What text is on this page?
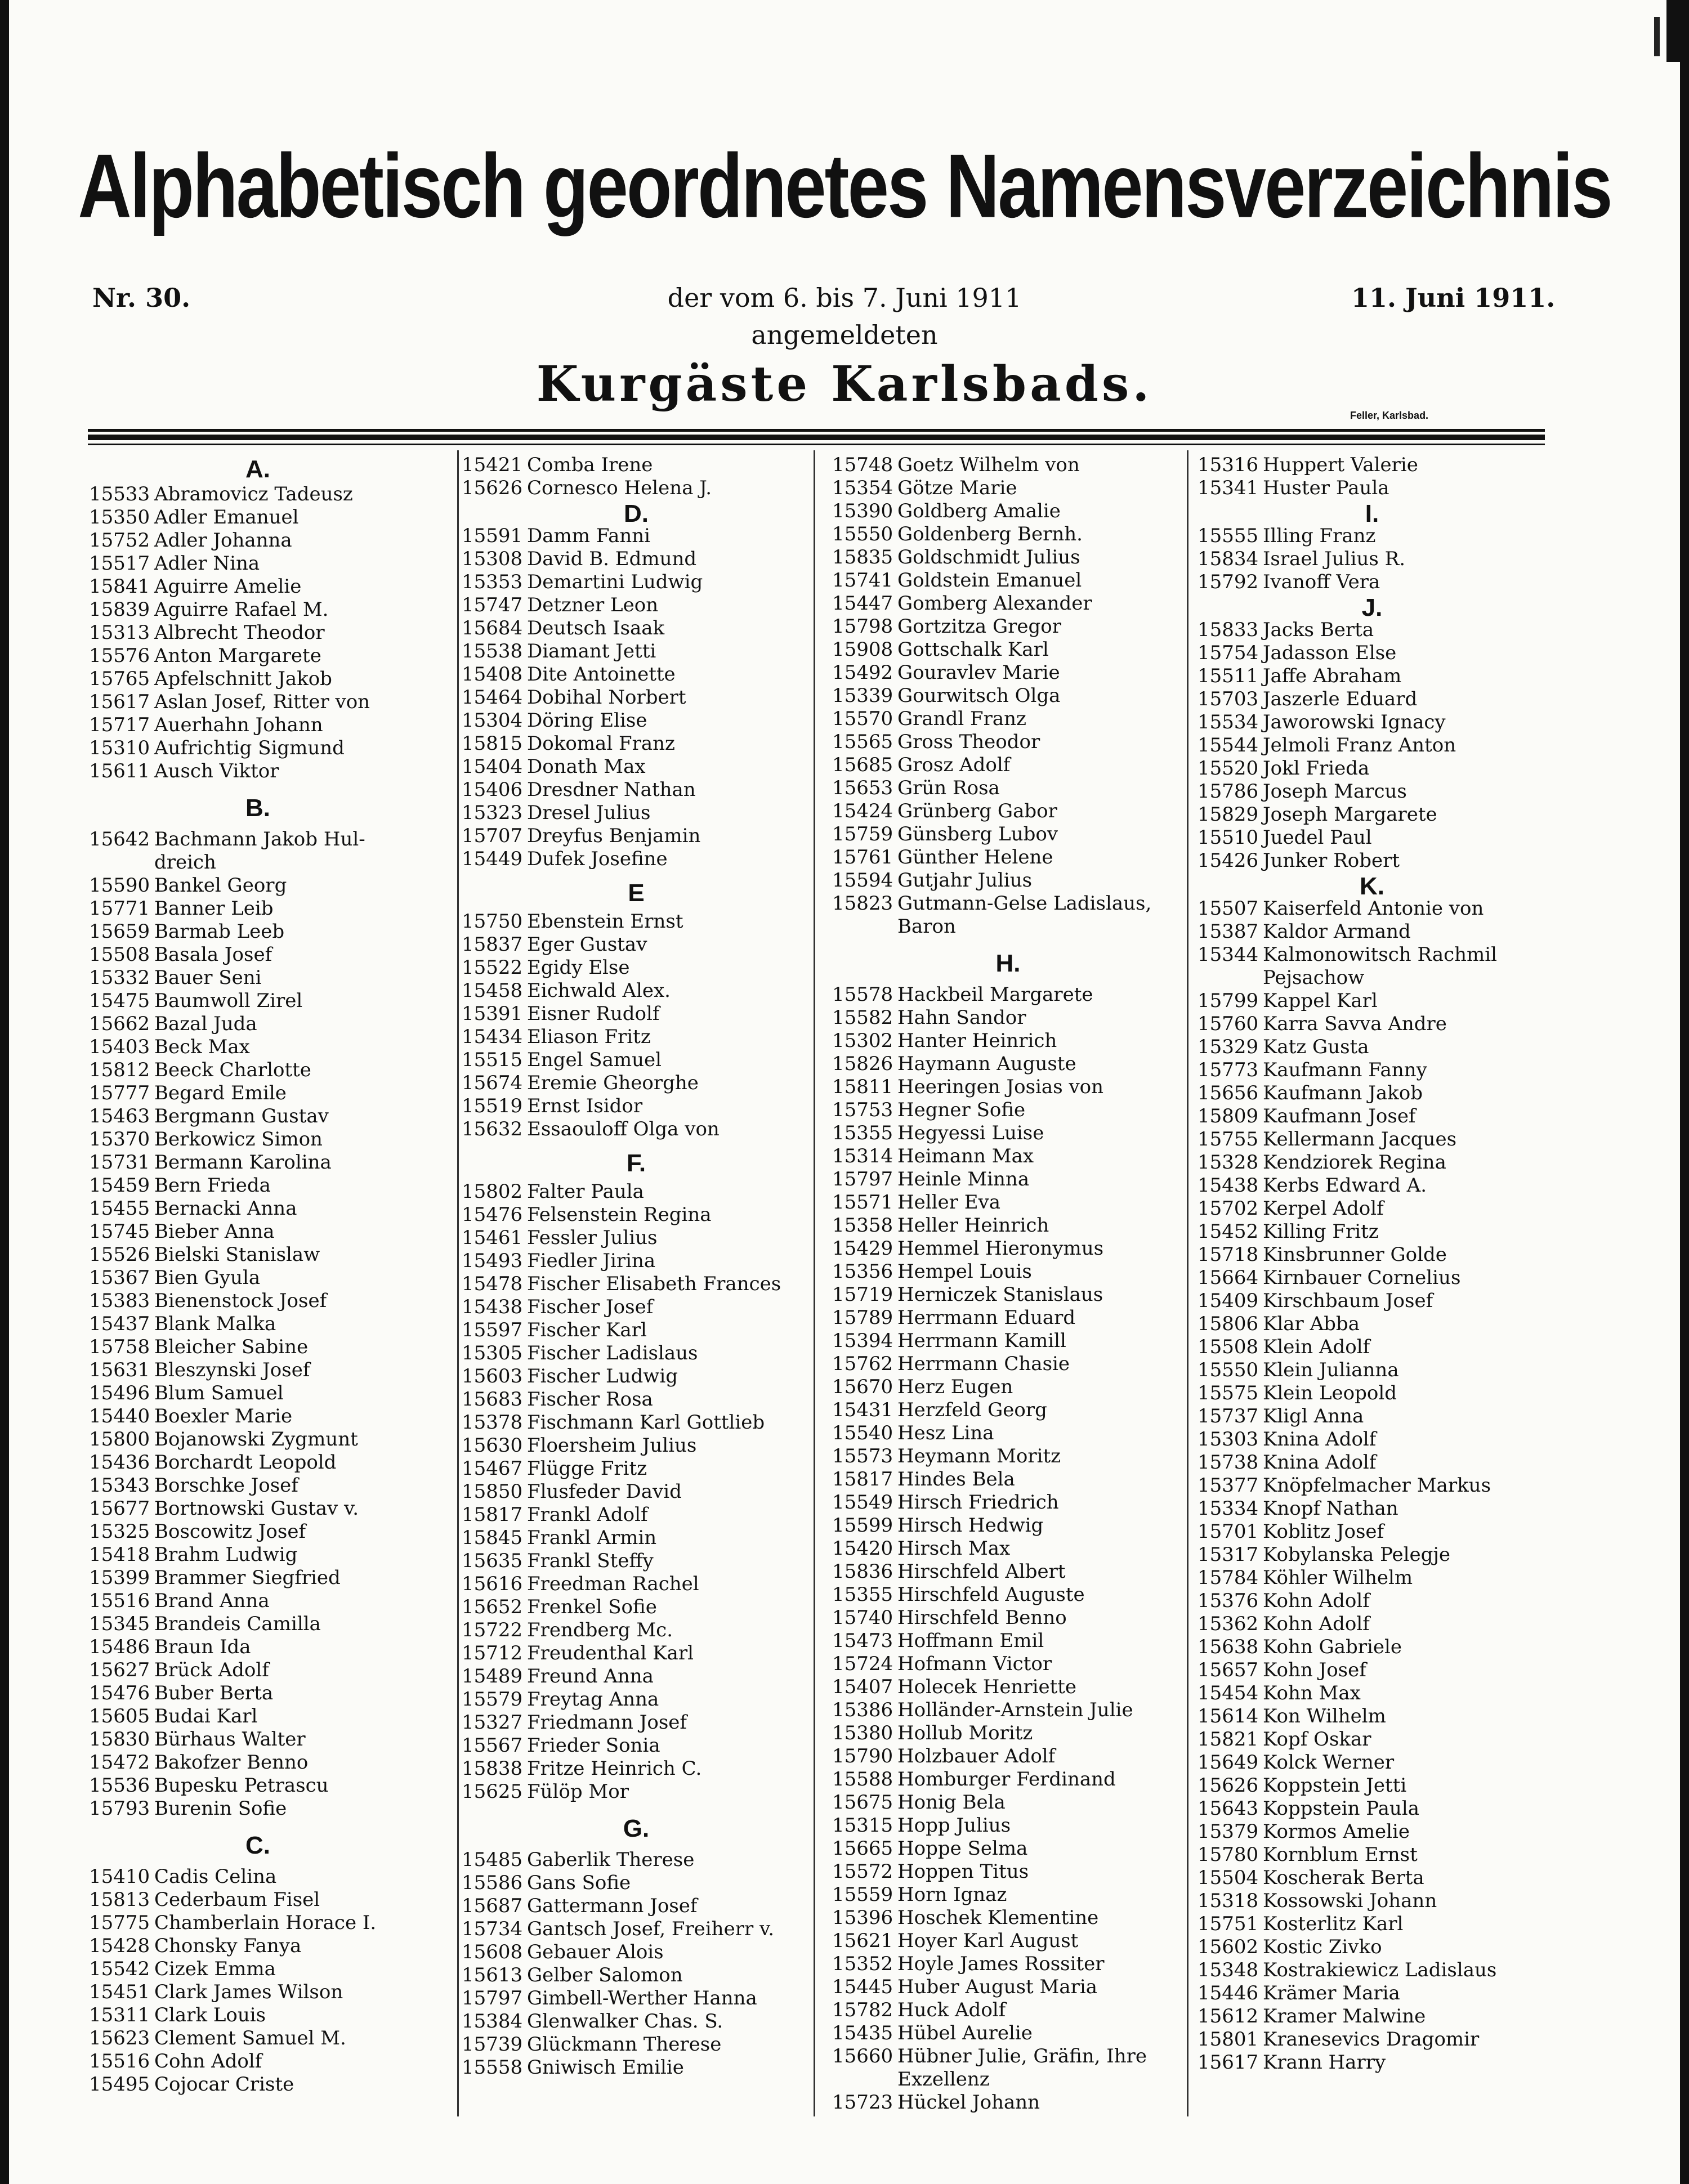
Alphabetisch geordnetes Namensverzeichnis
Nr. 30.	der vom 6. bis 7. Juni 1911
angemeldeten
11. Juni 1911.
Kurgäste Karlsbads.
Feller, Karlsbad.
A.
15533 Abramovicz Tadeusz
15350 Adler Emanuel
15752 Adler Johanna
15517 Adler Nina
15841 Aguirre Amelie
15839 Aguirre Rafael M.
15313 Albrecht Theodor
15576 Anton Margarete
15765 Apfelschnitt Jakob
15617 Aslan Josef, Ritter von
15717 Auerhahn Johann
15310 Aufrichtig Sigmund
15611 Ausch Viktor
B.
15642 Bachmann Jakob Hul-
dreich
15590 Bankel Georg
15771 Banner Leib
15659 Barmab Leeb
15508 Basala Josef
15332 Bauer Seni
15475 Baumwoll Zirel
15662 Bazal Juda
15403 Beck Max
15812 Beeck Charlotte
15777 Begard Emile
15463 Bergmann Gustav
15370 Berkowicz Simon
15731 Bermann Karolina
15459 Bern Frieda
15455 Bernacki Anna
15745 Bieber Anna
15526 Bielski Stanislaw
15367 Bien Gyula
15383 Bienenstock Josef
15437 Blank Malka
15758 Bleicher Sabine
15631 Bleszynski Josef
15496 Blum Samuel
15440 Boexler Marie
15800 Bojanowski Zygmunt
15436 Borchardt Leopold
15343 Borschke Josef
15677 Bortnowski Gustav v.
15325 Boscowitz Josef
15418 Brahm Ludwig
15399 Brammer Siegfried
15516 Brand Anna
15345 Brandeis Camilla
15486 Braun Ida
15627 Brück Adolf
15476 Buber Berta
15605 Budai Karl
15830 Bürhaus Walter
15472 Bakofzer Benno
15536 Bupesku Petrascu
15793 Burenin Sofie
C.
15410 Cadis Celina
15813 Cederbaum Fisel
15775 Chamberlain Horace I.
15428 Chonsky Fanya
15542 Cizek Emma
15451 Clark James Wilson
15311 Clark Louis
15623 Clement Samuel M.
15516 Cohn Adolf
15495 Cojocar Criste
15421 Comba Irene
15626 Cornesco Helena J.
D.
15591 Damm Fanni
15308 David B. Edmund
15353 Demartini Ludwig
15747 Detzner Leon
15684 Deutsch Isaak
15538 Diamant Jetti
15408 Dite Antoinette
15464 Dobihal Norbert
15304 Döring Elise
15815 Dokomal Franz
15404 Donath Max
15406 Dresdner Nathan
15323 Dresel Julius
15707 Dreyfus Benjamin
15449 Dufek Josefine
E
15750 Ebenstein Ernst
15837 Eger Gustav
15522 Egidy Else
15458 Eichwald Alex.
15391 Eisner Rudolf
15434 Eliason Fritz
15515 Engel Samuel
15674 Eremie Gheorghe
15519 Ernst Isidor
15632 Essaouloff Olga von
F.
15802 Falter Paula
15476 Felsenstein Regina
15461 Fessler Julius
15493 Fiedler Jirina
15478 Fischer Elisabeth Frances
15438 Fischer Josef
15597 Fischer Karl
15305 Fischer Ladislaus
15603 Fischer Ludwig
15683 Fischer Rosa
15378 Fischmann Karl Gottlieb
15630 Floersheim Julius
15467 Flügge Fritz
15850 Flusfeder David
15817 Frankl Adolf
15845 Frankl Armin
15635 Frankl Steffy
15616 Freedman Rachel
15652 Frenkel Sofie
15722 Frendberg Mc.
15712 Freudenthal Karl
15489 Freund Anna
15579 Freytag Anna
15327 Friedmann Josef
15567 Frieder Sonia
15838 Fritze Heinrich C.
15625 Fülöp Mor
G.
15485 Gaberlik Therese
15586 Gans Sofie
15687 Gattermann Josef
15734 Gantsch Josef, Freiherr v.
15608 Gebauer Alois
15613 Gelber Salomon
15797 Gimbell-Werther Hanna
15384 Glenwalker Chas. S.
15739 Glückmann Therese
15558 Gniwisch Emilie
15748 Goetz Wilhelm von
15354 Götze Marie
15390 Goldberg Amalie
15550 Goldenberg Bernh.
15835 Goldschmidt Julius
15741 Goldstein Emanuel
15447 Gomberg Alexander
15798 Gortzitza Gregor
15908 Gottschalk Karl
15492 Gouravlev Marie
15339 Gourwitsch Olga
15570 Grandl Franz
15565 Gross Theodor
15685 Grosz Adolf
15653 Grün Rosa
15424 Grünberg Gabor
15759 Günsberg Lubov
15761 Günther Helene
15594 Gutjahr Julius
15823 Gutmann-Gelse Ladislaus,
Baron
H.
15578 Hackbeil Margarete
15582 Hahn Sandor
15302 Hanter Heinrich
15826 Haymann Auguste
15811 Heeringen Josias von
15753 Hegner Sofie
15355 Hegyessi Luise
15314 Heimann Max
15797 Heinle Minna
15571 Heller Eva
15358 Heller Heinrich
15429 Hemmel Hieronymus
15356 Hempel Louis
15719 Herniczek Stanislaus
15789 Herrmann Eduard
15394 Herrmann Kamill
15762 Herrmann Chasie
15670 Herz Eugen
15431 Herzfeld Georg
15540 Hesz Lina
15573 Heymann Moritz
15817 Hindes Bela
15549 Hirsch Friedrich
15599 Hirsch Hedwig
15420 Hirsch Max
15836 Hirschfeld Albert
15355 Hirschfeld Auguste
15740 Hirschfeld Benno
15473 Hoffmann Emil
15724 Hofmann Victor
15407 Holecek Henriette
15386 Holländer-Arnstein Julie
15380 Hollub Moritz
15790 Holzbauer Adolf
15588 Homburger Ferdinand
15675 Honig Bela
15315 Hopp Julius
15665 Hoppe Selma
15572 Hoppen Titus
15559 Horn Ignaz
15396 Hoschek Klementine
15621 Hoyer Karl August
15352 Hoyle James Rossiter
15445 Huber August Maria
15782 Huck Adolf
15435 Hübel Aurelie
15660 Hübner Julie, Gräfin, Ihre
Exzellenz
15723 Hückel Johann
15316 Huppert Valerie
15341 Huster Paula
I.
15555 Illing Franz
15834 Israel Julius R.
15792 Ivanoff Vera
J.
15833 Jacks Berta
15754 Jadasson Else
15511 Jaffe Abraham
15703 Jaszerle Eduard
15534 Jaworowski Ignacy
15544 Jelmoli Franz Anton
15520 Jokl Frieda
15786 Joseph Marcus
15829 Joseph Margarete
15510 Juedel Paul
15426 Junker Robert
K.
15507 Kaiserfeld Antonie von
15387 Kaldor Armand
15344 Kalmonowitsch Rachmil
Pejsachow
15799 Kappel Karl
15760 Karra Savva Andre
15329 Katz Gusta
15773 Kaufmann Fanny
15656 Kaufmann Jakob
15809 Kaufmann Josef
15755 Kellermann Jacques
15328 Kendziorek Regina
15438 Kerbs Edward A.
15702 Kerpel Adolf
15452 Killing Fritz
15718 Kinsbrunner Golde
15664 Kirnbauer Cornelius
15409 Kirschbaum Josef
15806 Klar Abba
15508 Klein Adolf
15550 Klein Julianna
15575 Klein Leopold
15737 Kligl Anna
15303 Knina Adolf
15738 Knina Adolf
15377 Knöpfelmacher Markus
15334 Knopf Nathan
15701 Koblitz Josef
15317 Kobylanska Pelegje
15784 Köhler Wilhelm
15376 Kohn Adolf
15362 Kohn Adolf
15638 Kohn Gabriele
15657 Kohn Josef
15454 Kohn Max
15614 Kon Wilhelm
15821 Kopf Oskar
15649 Kolck Werner
15626 Koppstein Jetti
15643 Koppstein Paula
15379 Kormos Amelie
15780 Kornblum Ernst
15504 Koscherak Berta
15318 Kossowski Johann
15751 Kosterlitz Karl
15602 Kostic Zivko
15348 Kostrakiewicz Ladislaus
15446 Krämer Maria
15612 Kramer Malwine
15801 Kranesevics Dragomir
15617 Krann Harry
